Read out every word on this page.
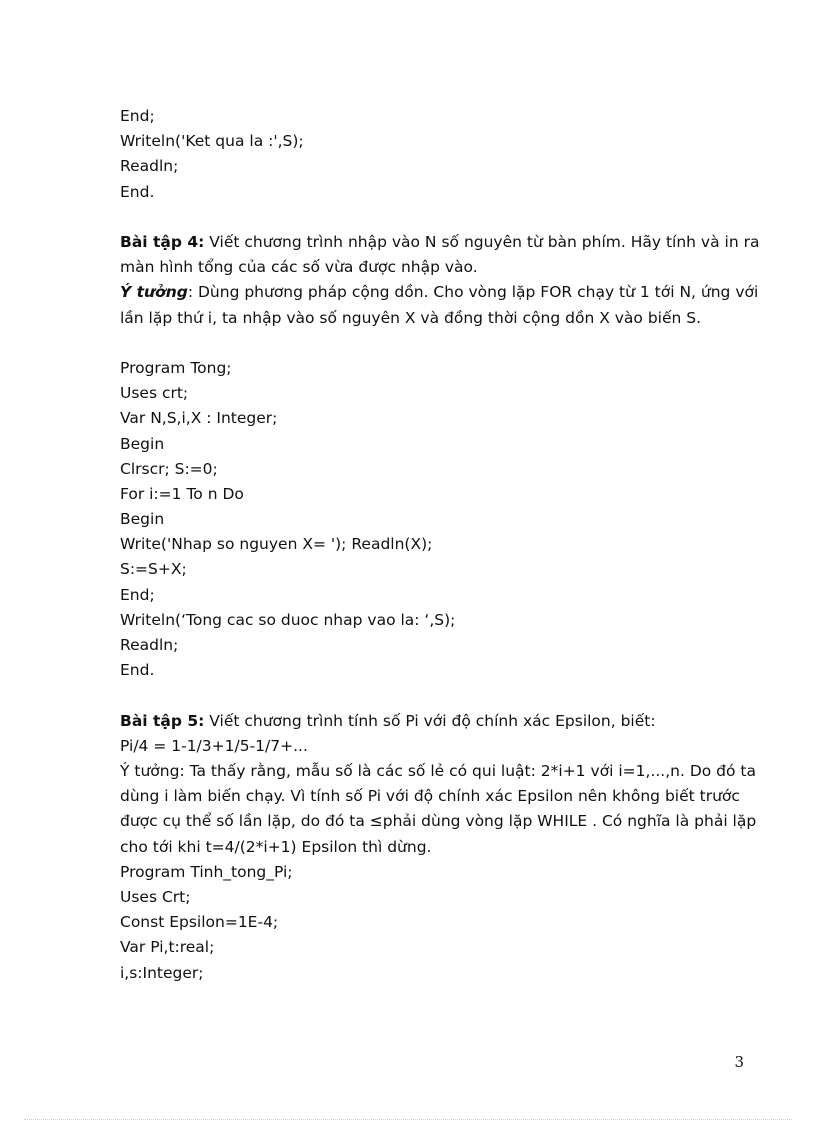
End;
Writeln('Ket qua la :',S);
Readln;
End.
Bài tập 4: Viết chương trình nhập vào N số nguyên từ bàn phím. Hãy tính và in ra màn hình tổng của các số vừa được nhập vào.
Ý tưởng: Dùng phương pháp cộng dồn. Cho vòng lặp FOR chạy từ 1 tới N, ứng với lần lặp thứ i, ta nhập vào số nguyên X và đồng thời cộng dồn X vào biến S.
Program Tong;
Uses crt;
Var N,S,i,X : Integer;
Begin
Clrscr; S:=0;
For i:=1 To n Do
Begin
Write('Nhap so nguyen X= '); Readln(X);
S:=S+X;
End;
Writeln(‘Tong cac so duoc nhap vao la: ‘,S);
Readln;
End.
Bài tập 5: Viết chương trình tính số Pi với độ chính xác Epsilon, biết:
Pi/4 = 1-1/3+1/5-1/7+...
Ý tưởng: Ta thấy rằng, mẫu số là các số lẻ có qui luật: 2*i+1 với i=1,...,n. Do đó ta dùng i làm biến chạy. Vì tính số Pi với độ chính xác Epsilon nên không biết trước được cụ thể số lần lặp, do đó ta ≤phải dùng vòng lặp WHILE . Có nghĩa là phải lặp cho tới khi t=4/(2*i+1) Epsilon thì dừng.
Program Tinh_tong_Pi;
Uses Crt;
Const Epsilon=1E-4;
Var Pi,t:real;
i,s:Integer;
3
